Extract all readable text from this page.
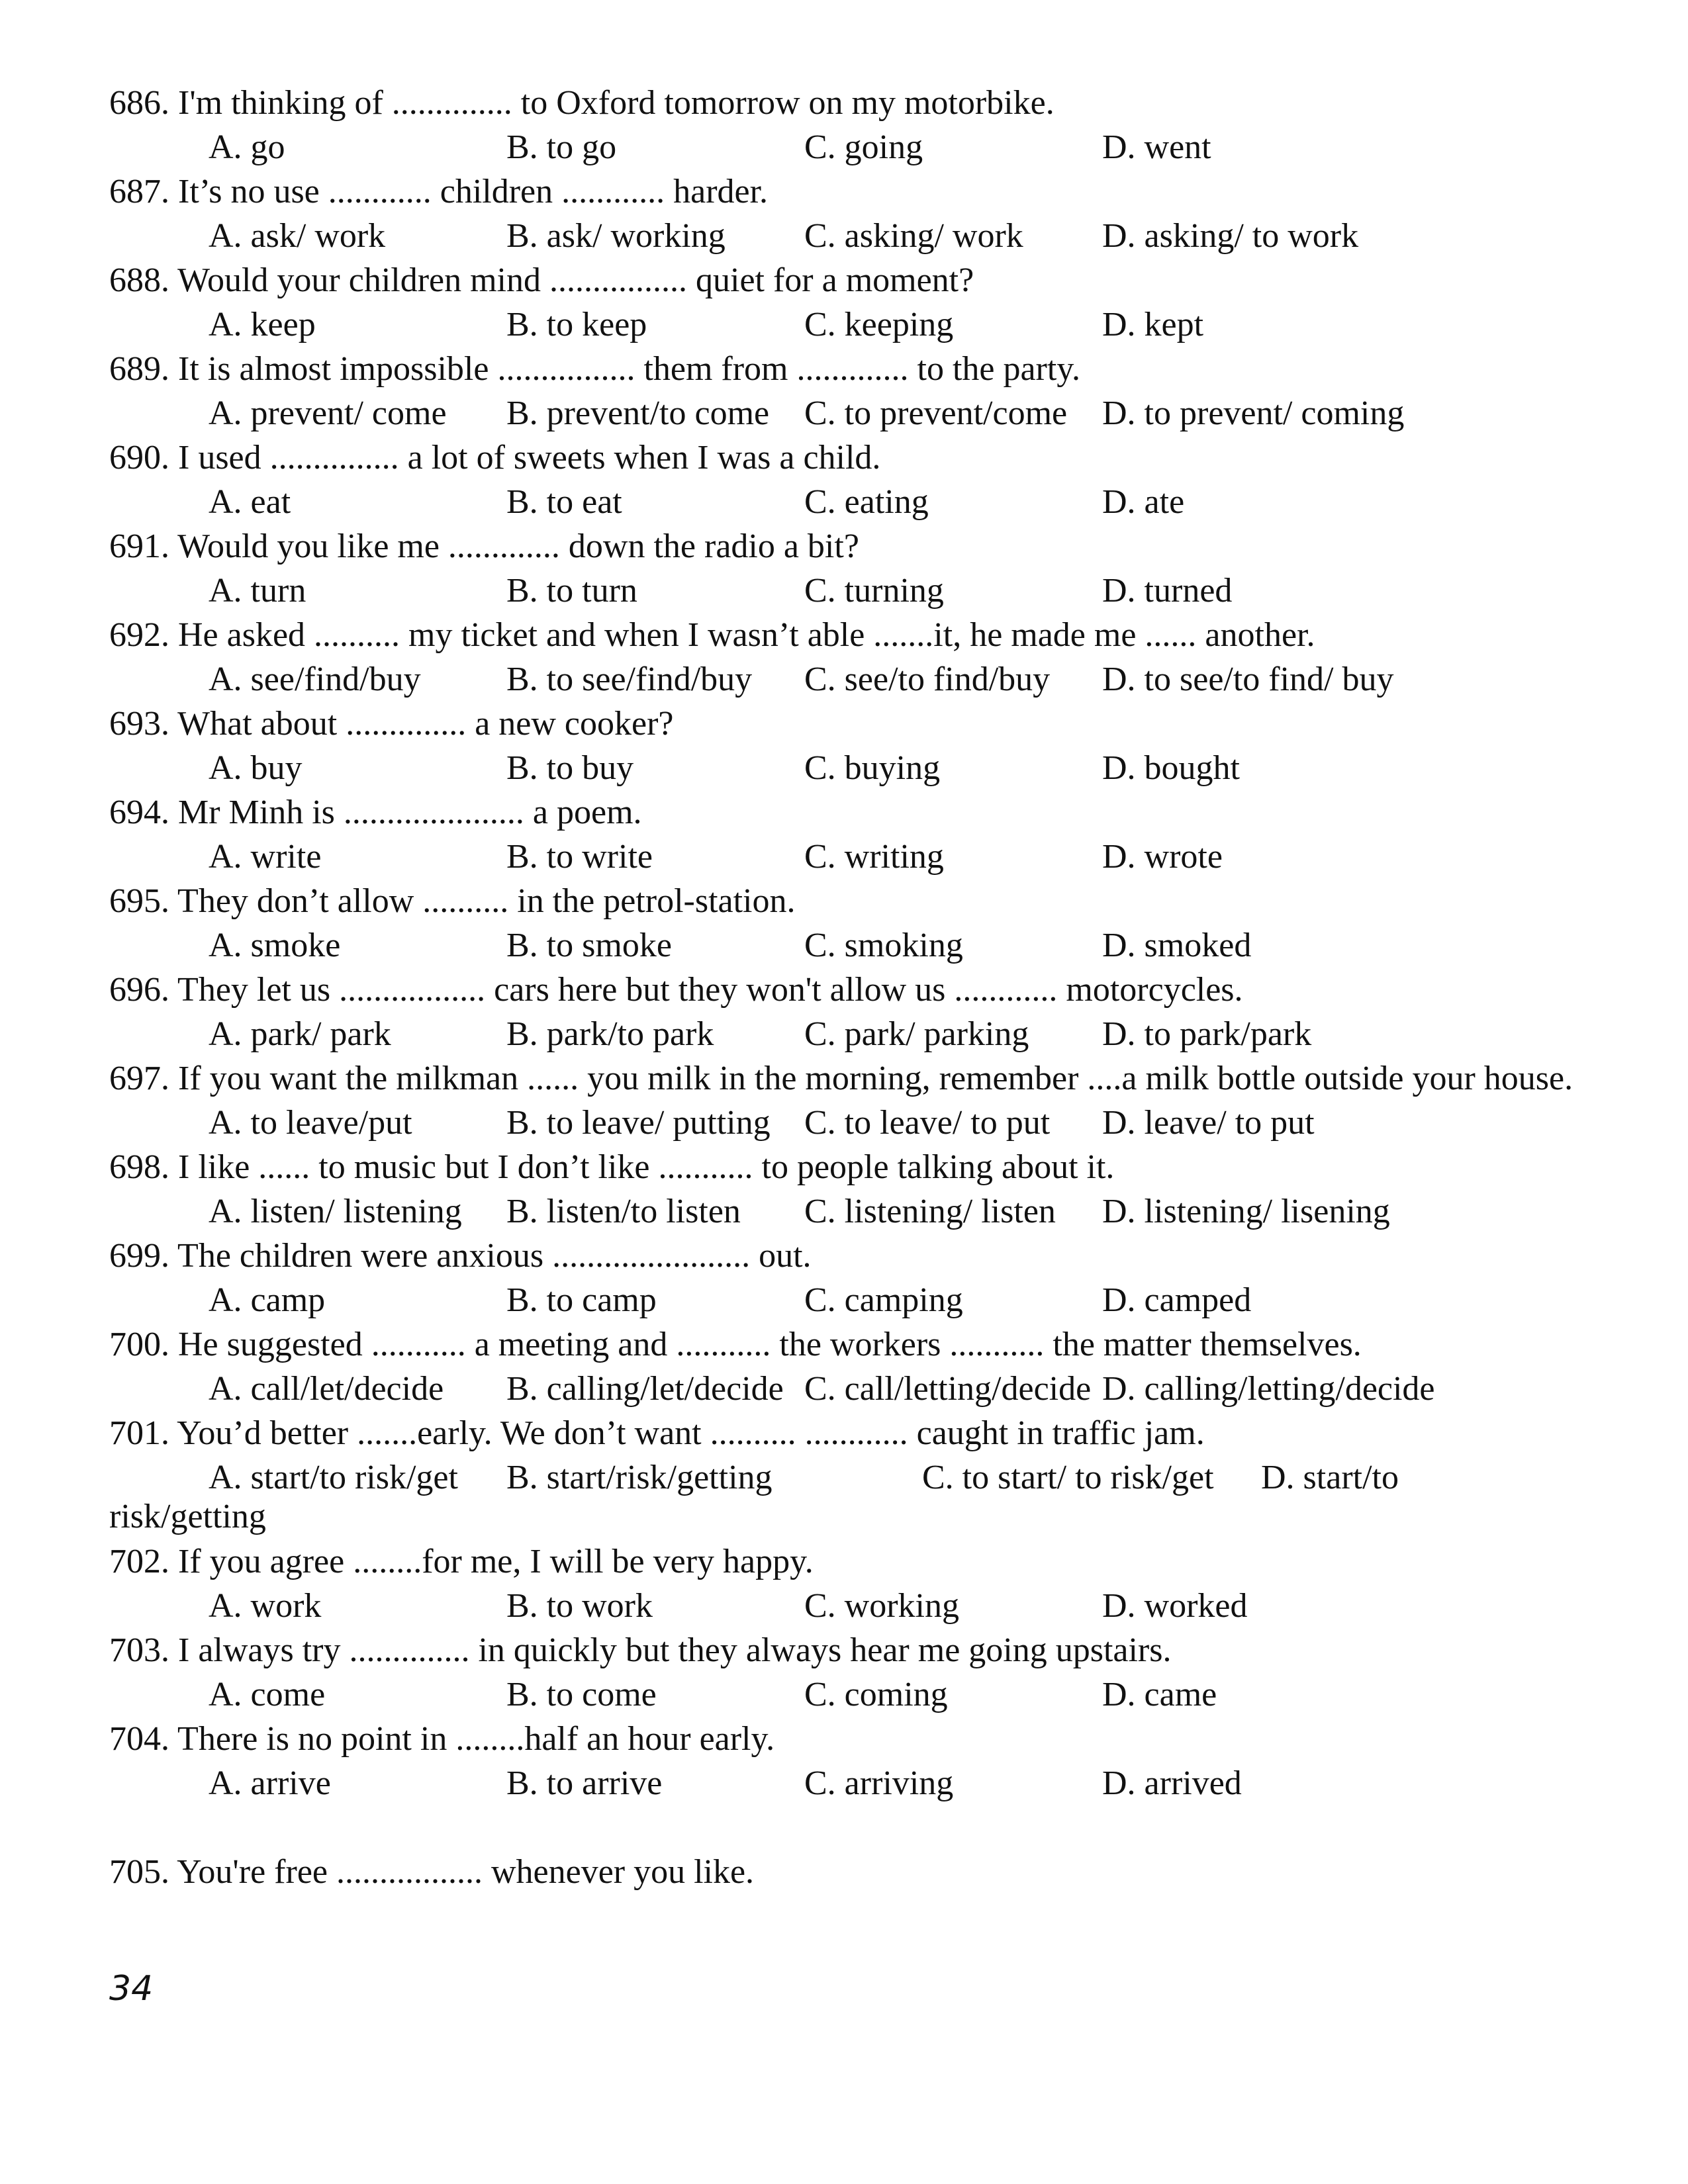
686. I'm thinking of .............. to Oxford tomorrow on my motorbike.
A. go	B. to go	C. going	D. went
687. It’s no use ............ children ............ harder.
A. ask/ work	B. ask/ working C. asking/ work D. asking/ to work
688. Would your children mind ................ quiet for a moment?
A. keep	B. to keep	C. keeping	D. kept
689. It is almost impossible ................ them from ............. to the party.
A. prevent/ come B. prevent/to come C. to prevent/come D. to prevent/ coming
690. I used ............... a lot of sweets when I was a child.
A. eat	B. to eat	C. eating	D. ate
691. Would you like me ............. down the radio a bit?
A. turn	B. to turn	C. turning	D. turned
692. He asked .......... my ticket and when I wasn’t able .......it, he made me ...... another.
A. see/find/buy B. to see/find/buy C. see/to find/buy D. to see/to find/ buy
693. What about .............. a new cooker?
A. buy	B. to buy	C. buying	D. bought
694. Mr Minh is ..................... a poem.
A. write	B. to write	C. writing	D. wrote
695. They don’t allow .......... in the petrol-station.
A. smoke	B. to smoke	C. smoking	D. smoked
696. They let us ................. cars here but they won't allow us ............ motorcycles.
A. park/ park	B. park/to park	C. park/ parking D. to park/park
697. If you want the milkman ...... you milk in the morning, remember ....a milk bottle outside your house.
A. to leave/put	B. to leave/ putting C. to leave/ to put D. leave/ to put
698. I like ...... to music but I don’t like ........... to people talking about it.
A. listen/ listening B. listen/to listen C. listening/ listen D. listening/ lisening
699. The children were anxious ....................... out.
A. camp	B. to camp	C. camping	D. camped
700. He suggested ........... a meeting and ........... the workers ........... the matter themselves.
A. call/let/decide B. calling/let/decide C. call/letting/decide D. calling/letting/decide
701. You’d better .......early. We don’t want .......... ............ caught in traffic jam.
A. start/to risk/get B. start/risk/getting	C. to start/ to risk/get D. start/to
risk/getting
702. If you agree ........for me, I will be very happy.
A. work	B. to work	C. working	D. worked
703. I always try .............. in quickly but they always hear me going upstairs.
A. come	B. to come	C. coming	D. came
704. There is no point in ........half an hour early.
A. arrive	B. to arrive	C. arriving	D. arrived
705. You're free ................. whenever you like.
34
